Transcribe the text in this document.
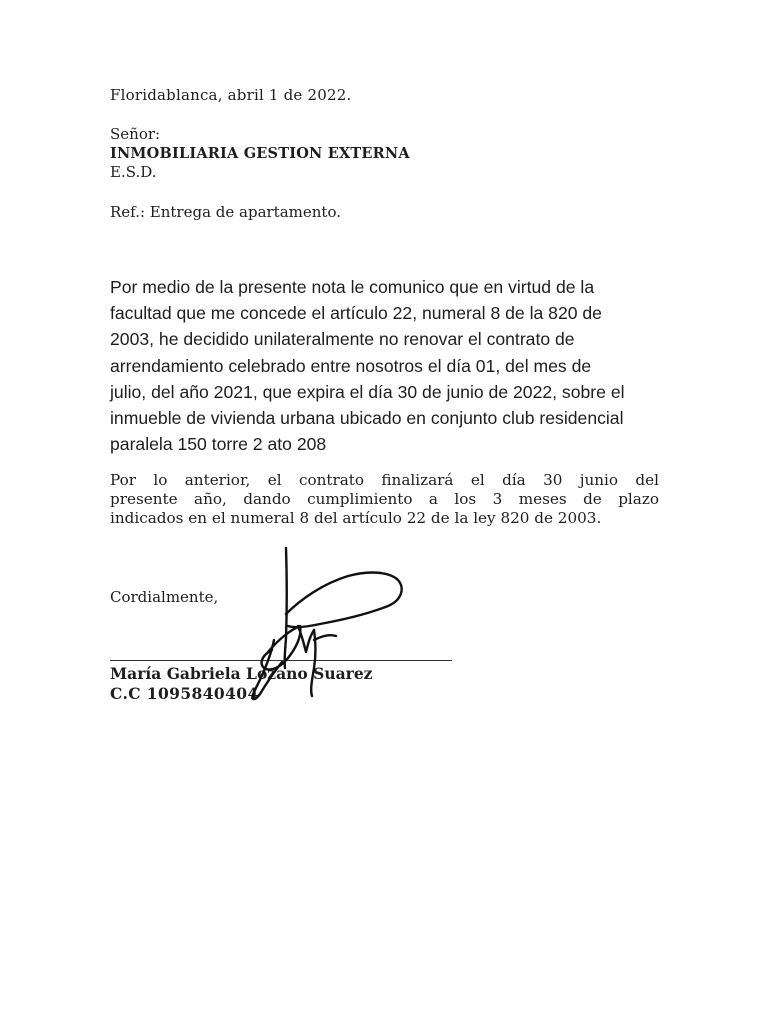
Floridablanca, abril 1 de 2022.
Señor:
INMOBILIARIA GESTION EXTERNA
E.S.D.
Ref.: Entrega de apartamento.
Por medio de la presente nota le comunico que en virtud de la
facultad que me concede el artículo 22, numeral 8 de la 820 de
2003, he decidido unilateralmente no renovar el contrato de
arrendamiento celebrado entre nosotros el día 01, del mes de
julio, del año 2021, que expira el día 30 de junio de 2022, sobre el
inmueble de vivienda urbana ubicado en conjunto club residencial
paralela 150 torre 2 ato 208
Por lo anterior, el contrato finalizará el día 30 junio del
presente año, dando cumplimiento a los 3 meses de plazo
indicados en el numeral 8 del artículo 22 de la ley 820 de 2003.
Cordialmente,
María Gabriela Lozano Suarez
C.C 1095840404
